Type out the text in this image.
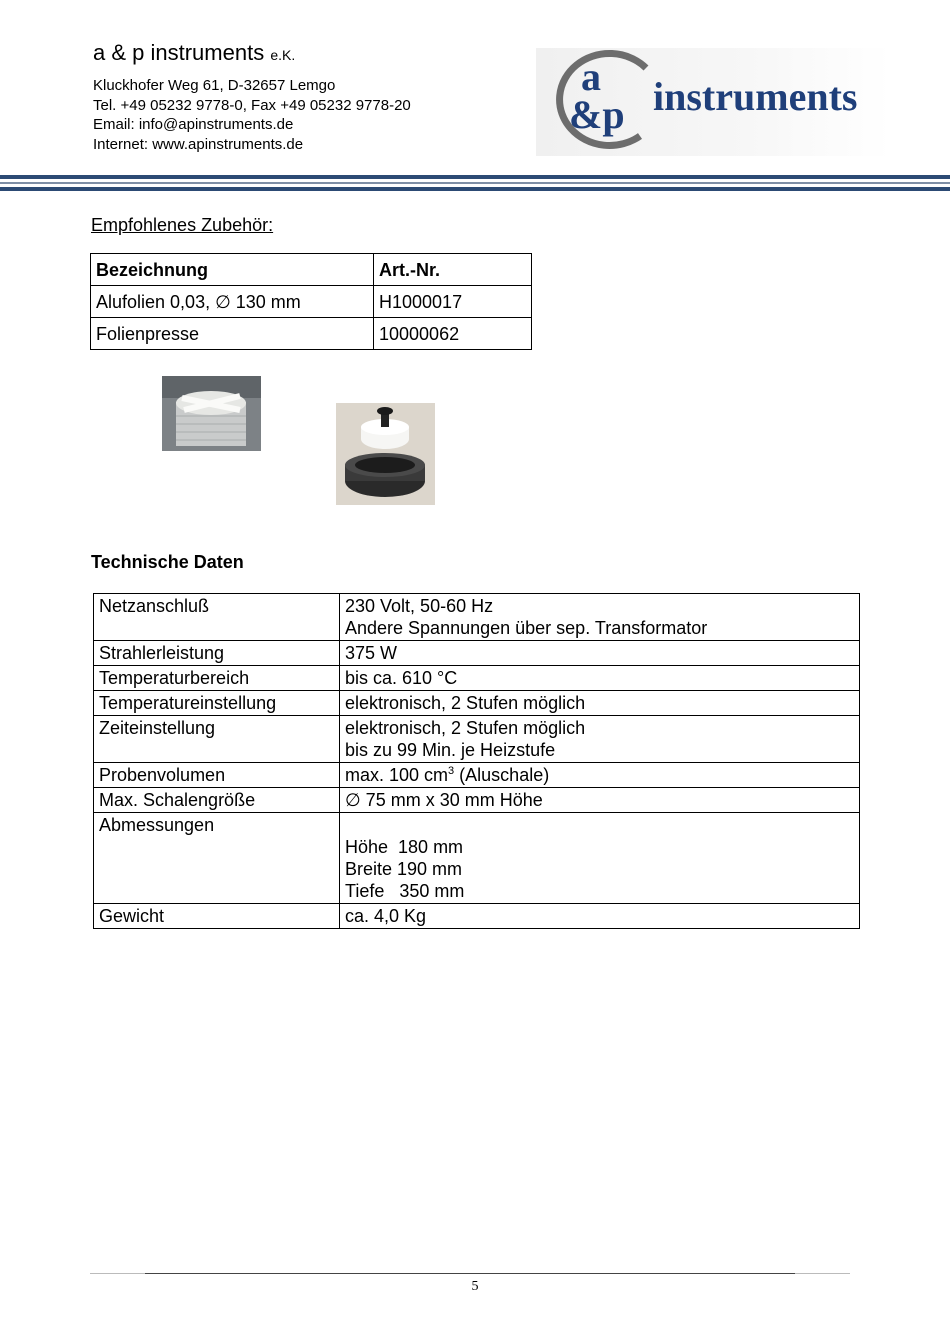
a & p instruments e.K.
Kluckhofer Weg 61, D-32657 Lemgo
Tel. +49 05232 9778-0, Fax +49 05232 9778-20
Email: info@apinstruments.de
Internet: www.apinstruments.de
a
&p instruments
Empfohlenes Zubehör:
Bezeichnung	Art.-Nr.
Alufolien 0,03, ∅ 130 mm	H1000017
Folienpresse	10000062
Technische Daten
Netzanschluß	230 Volt, 50-60 Hz
Andere Spannungen über sep. Transformator

Strahlerleistung	375 W

Temperaturbereich	bis ca. 610 °C

Temperatureinstellung	elektronisch, 2 Stufen möglich

Zeiteinstellung	elektronisch, 2 Stufen möglich
bis zu 99 Min. je Heizstufe

Probenvolumen	max. 100 $cm^3$ (Aluschale)
Max. Schalengröße	∅ 75 mm x 30 mm Höhe

Abmessungen	Höhe  180 mm
Breite 190 mm
Tiefe   350 mm

Gewicht	ca. 4,0 Kg
5
